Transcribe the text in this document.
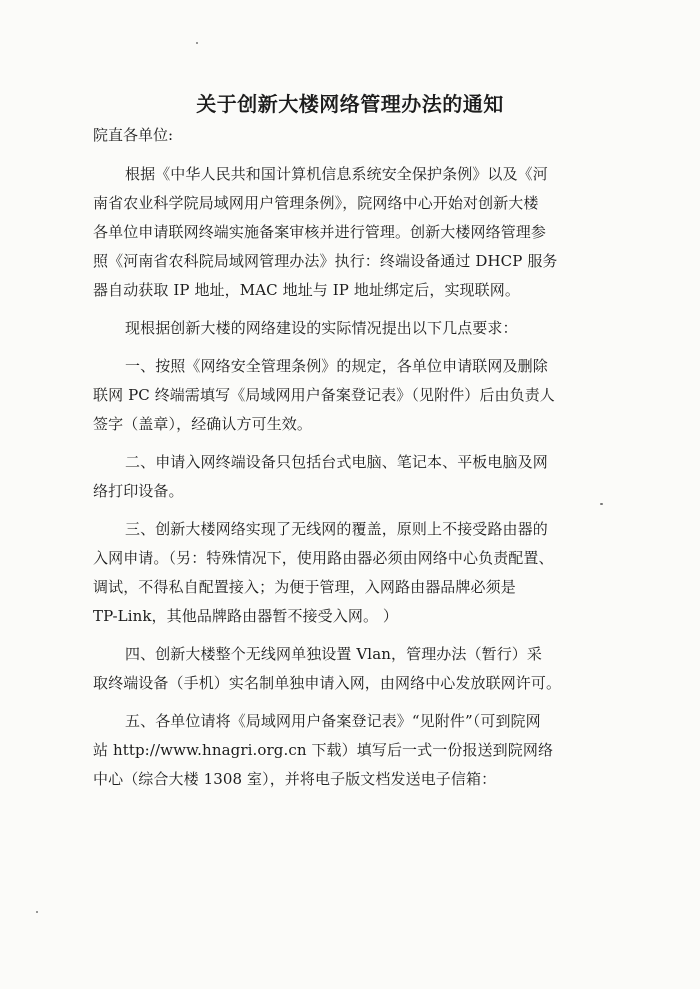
关于创新大楼网络管理办法的通知
院直各单位:
根据《中华人民共和国计算机信息系统安全保护条例》以及《河
南省农业科学院局域网用户管理条例》，院网络中心开始对创新大楼
各单位申请联网终端实施备案审核并进行管理。创新大楼网络管理参
照《河南省农科院局域网管理办法》执行：终端设备通过 DHCP 服务
器自动获取 IP 地址，MAC 地址与 IP 地址绑定后，实现联网。
现根据创新大楼的网络建设的实际情况提出以下几点要求：
一、按照《网络安全管理条例》的规定，各单位申请联网及删除
联网 PC 终端需填写《局域网用户备案登记表》（见附件）后由负责人
签字（盖章），经确认方可生效。
二、申请入网终端设备只包括台式电脑、笔记本、平板电脑及网
络打印设备。
三、创新大楼网络实现了无线网的覆盖，原则上不接受路由器的
入网申请。（另：特殊情况下，使用路由器必须由网络中心负责配置、
调试，不得私自配置接入；为便于管理，入网路由器品牌必须是
TP-Link，其他品牌路由器暂不接受入网。 ）
四、创新大楼整个无线网单独设置 Vlan，管理办法（暂行）采
取终端设备（手机）实名制单独申请入网，由网络中心发放联网许可。
五、各单位请将《局域网用户备案登记表》“见附件”（可到院网
站 http://www.hnagri.org.cn 下载）填写后一式一份报送到院网络
中心（综合大楼 1308 室），并将电子版文档发送电子信箱：
